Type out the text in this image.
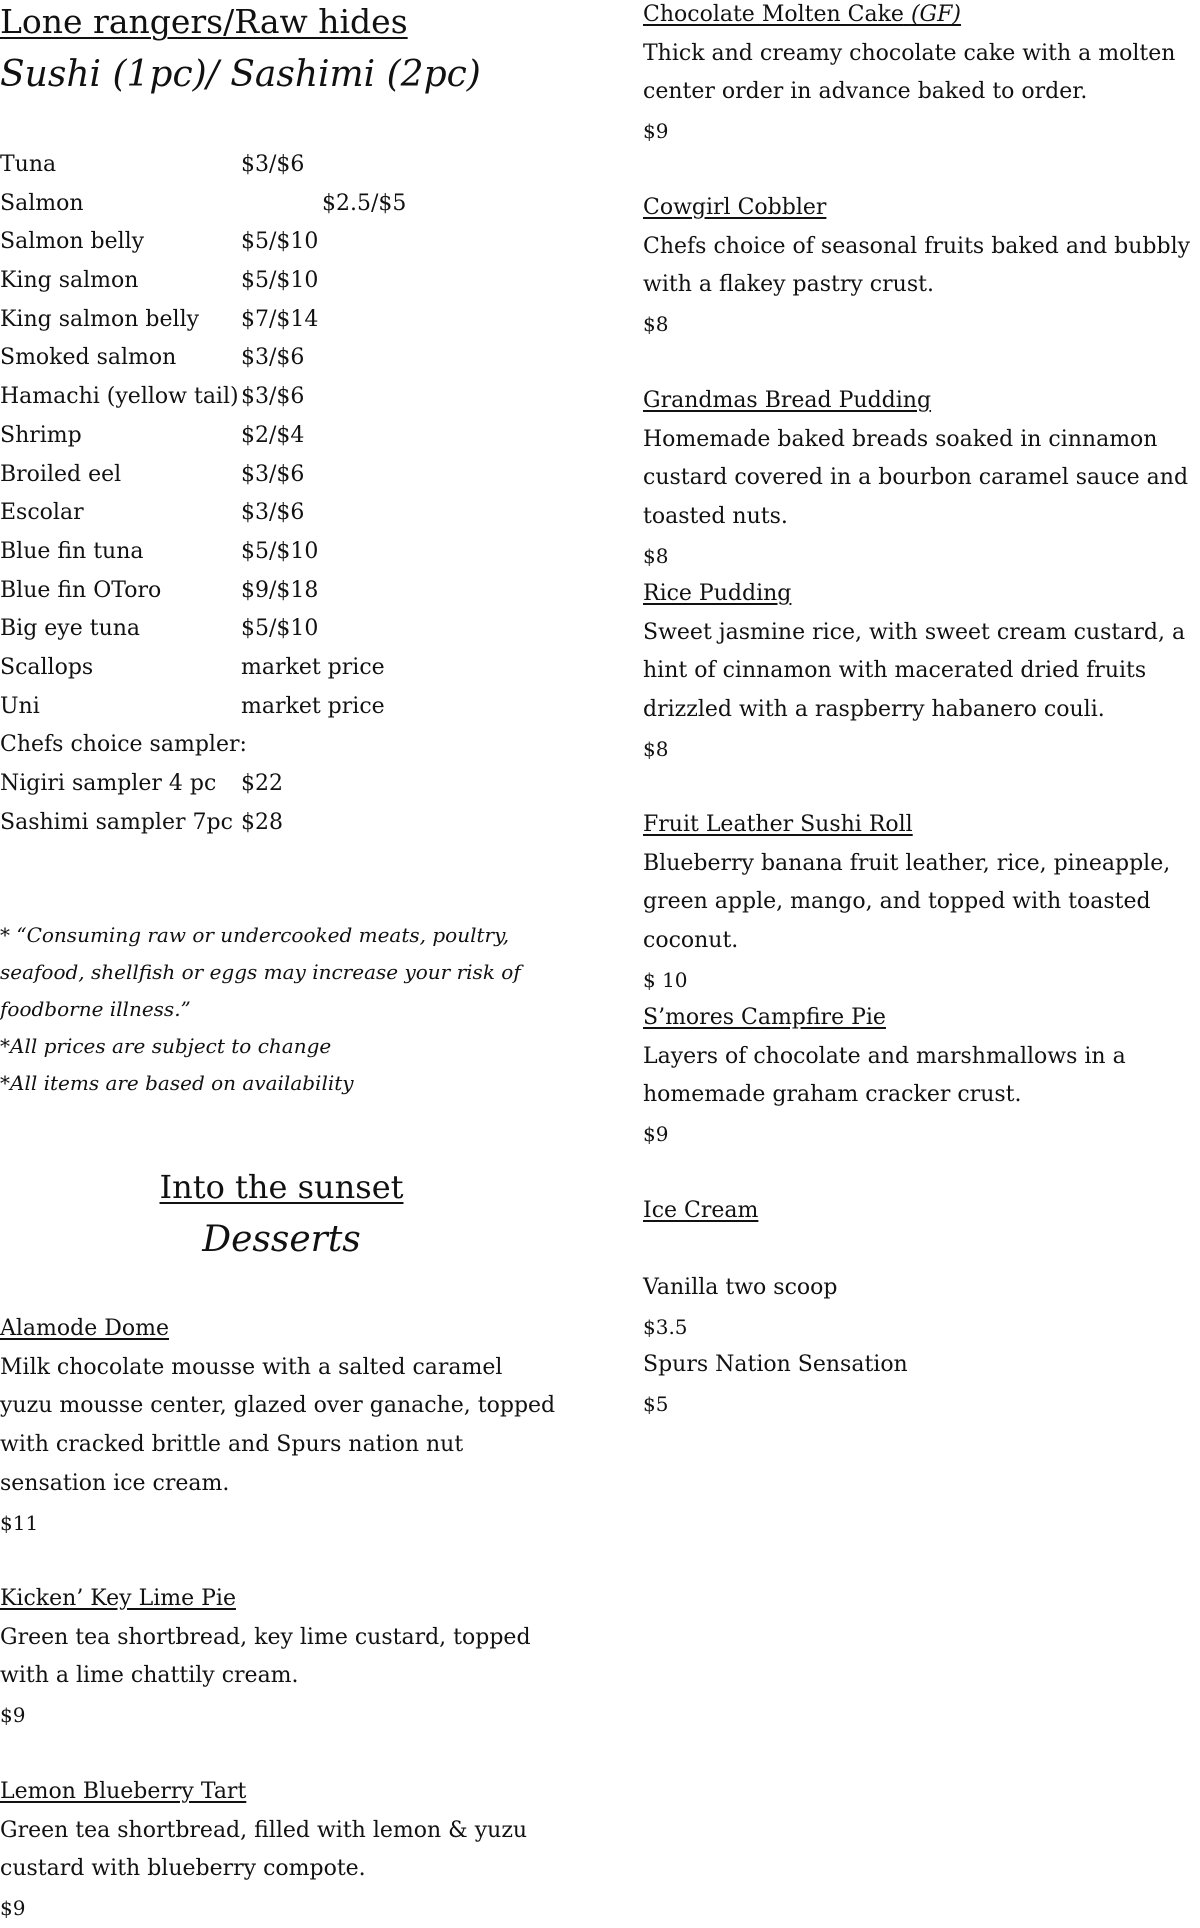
Lone rangers/Raw hides
Sushi (1pc)/ Sashimi (2pc)
Tuna	$3/$6
Salmon	$2.5/$5
Salmon belly	$5/$10
King salmon	$5/$10
King salmon belly $7/$14
Smoked salmon	$3/$6
Hamachi (yellow tail) $3/$6
Shrimp	$2/$4
Broiled eel	$3/$6
Escolar	$3/$6
Blue fin tuna	$5/$10
Blue fin OToro	$9/$18
Big eye tuna	$5/$10
Scallops	market price
Uni	market price
Chefs choice sampler:
Nigiri sampler 4 pc $22
Sashimi sampler 7pc $28

* “Consuming raw or undercooked meats, poultry, seafood, shellfish or eggs may increase your risk of foodborne illness.”

*All prices are subject to change

*All items are based on availability

Into the sunset
Desserts
Alamode Dome

Milk chocolate mousse with a salted caramel yuzu mousse center, glazed over ganache, topped with cracked brittle and Spurs nation nut sensation ice cream.

$11

Kicken’ Key Lime Pie

Green tea shortbread, key lime custard, topped with a lime chattily cream.

$9

Lemon Blueberry Tart

Green tea shortbread, filled with lemon & yuzu custard with blueberry compote.

$9

Chocolate Molten Cake (GF)

Thick and creamy chocolate cake with a molten center order in advance baked to order.

$9

Cowgirl Cobbler

Chefs choice of seasonal fruits baked and bubbly with a flakey pastry crust.

$8

Grandmas Bread Pudding

Homemade baked breads soaked in cinnamon custard covered in a bourbon caramel sauce and toasted nuts.

$8

Rice Pudding

Sweet jasmine rice, with sweet cream custard, a hint of cinnamon with macerated dried fruits drizzled with a raspberry habanero couli.

$8

Fruit Leather Sushi Roll

Blueberry banana fruit leather, rice, pineapple, green apple, mango, and topped with toasted coconut.

$ 10

S’mores Campfire Pie

Layers of chocolate and marshmallows in a homemade graham cracker crust.

$9

Ice Cream
Vanilla two scoop
$3.5
Spurs Nation Sensation
$5
